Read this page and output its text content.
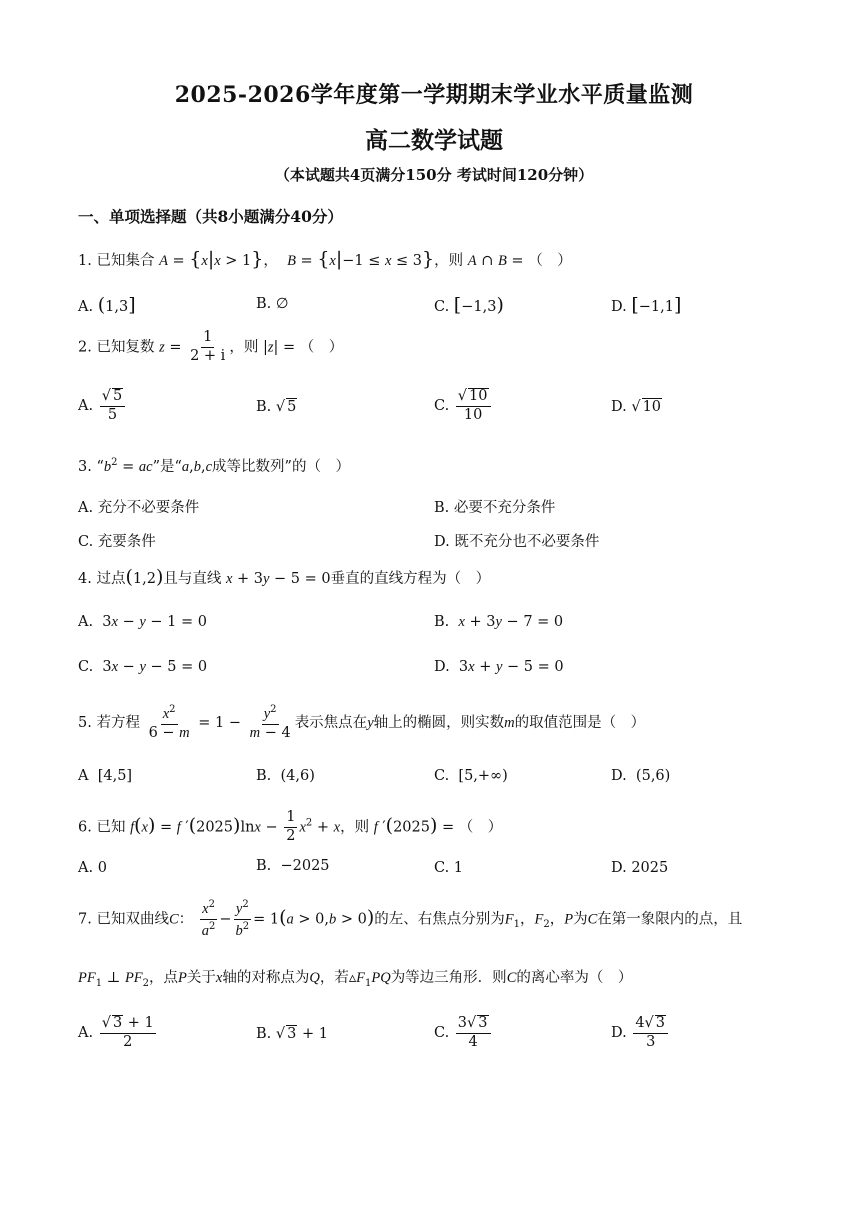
2025-2026学年度第一学期期末学业水平质量监测
高二数学试题
（本试题共4页满分150分 考试时间120分钟）
一、单项选择题（共8小题满分40分）
1. 已知集合 A = {x|x > 1}，  B = {x|−1 ≤ x ≤ 3}，则 A ∩ B = （　）
A. (1,3]	B. ∅	C. [−1,3)	D. [−1,1]
2. 已知复数 $z = \frac{1}{2 + i}$ ，则 |z| = （　）
A. $\frac{√ 5}{5}$	B. √ 5	C. $\frac{√ 10}{10}$	D. √ 10
3. “$b^2$ = ac”是“a,b,c成等比数列”的（　）
A. 充分不必要条件	B. 必要不充分条件
C. 充要条件	D. 既不充分也不必要条件
4. 过点(1,2)且与直线 x + 3y − 5 = 0垂直的直线方程为（　）
A.  3x − y − 1 = 0	B. x + 3y − 7 = 0
C.  3x − y − 5 = 0	D.  3x + y − 5 = 0
5. 若方程 $\frac{x^2}{6 - m} = 1 - \frac{y^2}{m - 4}$ 表示焦点在y轴上的椭圆，则实数m的取值范围是（　）
A  [4,5]	B.  (4,6)	C.  [5,+∞)	D.  (5,6)
6. 已知 f(x) = f $'(2025)\ln x - \frac{1}{2} x^2 + x$，则 f ′(2025) = （　）
A. 0	B.  −2025	C. 1	D. 2025
7. 已知双曲线C： $\frac{x^2}{a^2} - \frac{y^2}{b^2} = 1(a > 0,b > 0)$的左、右焦点分别为$F_1$，$F_2$，P为C在第一象限内的点，且
$PF_1$ ⊥ $PF_2$，点P关于x轴的对称点为Q，若$▵F_1PQ$为等边三角形．则C的离心率为（　）
A. $\frac{√ 3 + 1}{2}$	B. √ 3 + 1	C. $\frac{3√ 3}{4}$	D. $\frac{4√ 3}{3}$
